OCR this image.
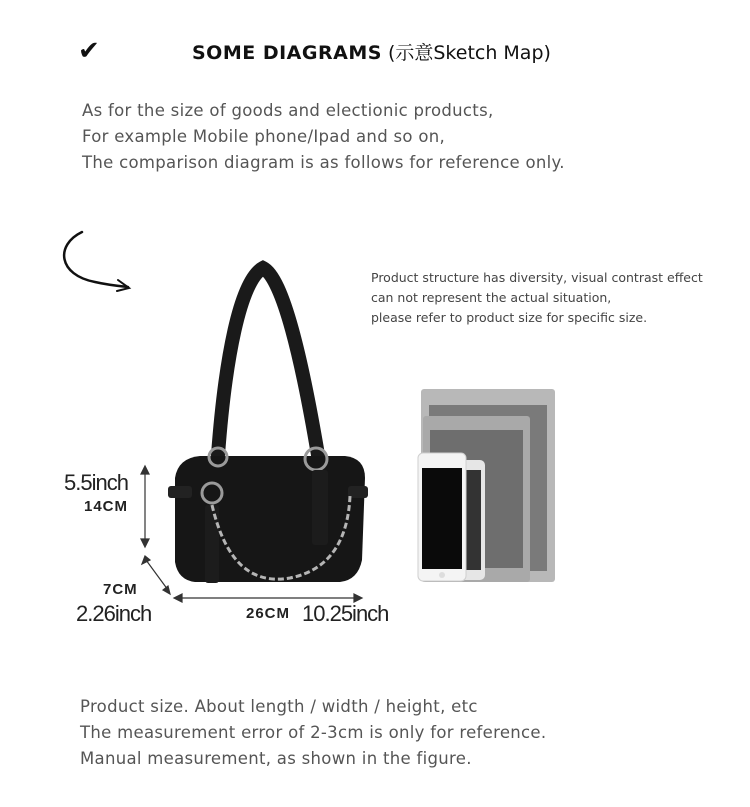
✔	SOME DIAGRAMS (示意Sketch Map)
As for the size of goods and electionic products,
For example Mobile phone/Ipad and so on,
The comparison diagram is as follows for reference only.
5.5inch
14CM
7CM
2.26inch	26CM 10.25inch
Product structure has diversity, visual contrast effect
can not represent the actual situation,
please refer to product size for specific size.
Product size. About length / width / height, etc
The measurement error of 2-3cm is only for reference.
Manual measurement, as shown in the figure.
